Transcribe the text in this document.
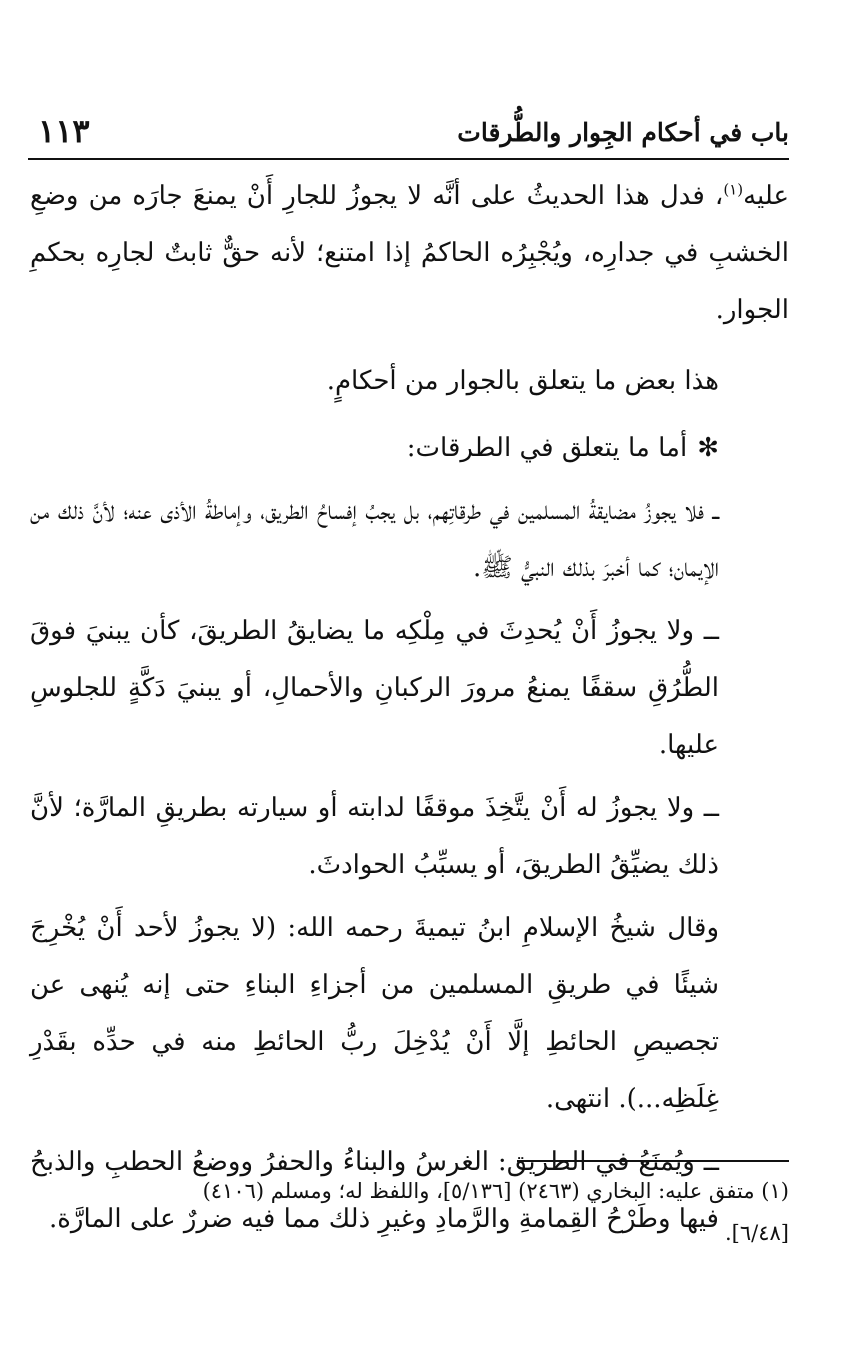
١١٣	باب في أحكام الجِوار والطُّرقات

عليه$^{(١)}$، فدل هذا الحديثُ على أنَّه لا يجوزُ للجارِ أَنْ يمنعَ جارَه من وضعِ الخشبِ في جدارِه، ويُجْبِرُه الحاكمُ إذا امتنع؛ لأنه حقٌّ ثابتٌ لجارِه بحكمِ الجوار.

هذا بعض ما يتعلق بالجوار من أحكامٍ.

✻أما ما يتعلق في الطرقات:

ــ فلا يجوزُ مضايقةُ المسلمين في طرقاتِهم، بل يجبُ إفساحُ الطريق، وإماطةُ الأذى عنه؛ لأنَّ ذلك من الإيمان؛ كما أخبرَ بذلك النبيُّ ﷺ.

ــ ولا يجوزُ أَنْ يُحدِثَ في مِلْكِه ما يضايقُ الطريقَ، كأن يبنيَ فوقَ الطُّرُقِ سقفًا يمنعُ مرورَ الركبانِ والأحمالِ، أو يبنيَ دَكَّةٍ للجلوسِ عليها.

ــ ولا يجوزُ له أَنْ يتَّخِذَ موقفًا لدابته أو سيارته بطريقِ المارَّة؛ لأنَّ ذلك يضيِّقُ الطريقَ، أو يسبِّبُ الحوادثَ.

وقال شيخُ الإسلامِ ابنُ تيميةَ رحمه الله: (لا يجوزُ لأحد أَنْ يُخْرِجَ شيئًا في طريقِ المسلمين من أجزاءِ البناءِ حتى إنه يُنهى عن تجصيصِ الحائطِ إلَّا أَنْ يُدْخِلَ ربُّ الحائطِ منه في حدِّه بقَدْرِ غِلَظِه...). انتهى.

ــ ويُمنَعُ في الطريق: الغرسُ والبناءُ والحفرُ ووضعُ الحطبِ والذبحُ فيها وطَرْحُ القِمامةِ والرَّمادِ وغيرِ ذلك مما فيه ضررٌ على المارَّة.

(١) متفق عليه: البخاري (٢٤٦٣) [٥/١٣٦]، واللفظ له؛ ومسلم (٤١٠٦)

[٦/٤٨].
